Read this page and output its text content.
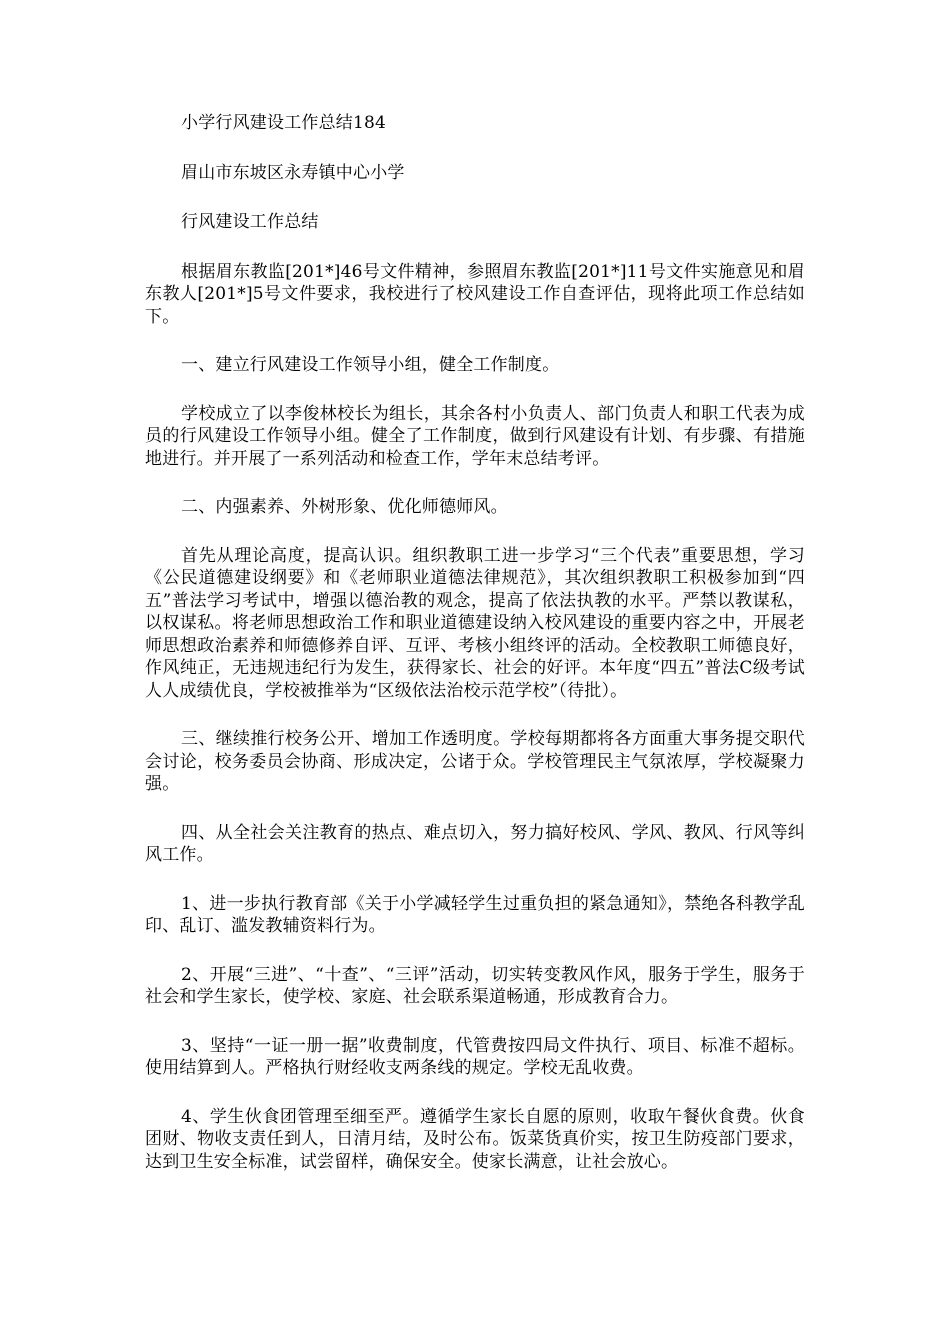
小学行风建设工作总结184

眉山市东坡区永寿镇中心小学

行风建设工作总结

根据眉东教监[201*]46号文件精神，参照眉东教监[201*]11号文件实施意见和眉东教人[201*]5号文件要求，我校进行了校风建设工作自查评估，现将此项工作总结如下。

一、建立行风建设工作领导小组，健全工作制度。

学校成立了以李俊林校长为组长，其余各村小负责人、部门负责人和职工代表为成员的行风建设工作领导小组。健全了工作制度，做到行风建设有计划、有步骤、有措施地进行。并开展了一系列活动和检查工作，学年末总结考评。

二、内强素养、外树形象、优化师德师风。

首先从理论高度，提高认识。组织教职工进一步学习“三个代表”重要思想，学习《公民道德建设纲要》和《老师职业道德法律规范》，其次组织教职工积极参加到“四五”普法学习考试中，增强以德治教的观念，提高了依法执教的水平。严禁以教谋私，以权谋私。将老师思想政治工作和职业道德建设纳入校风建设的重要内容之中，开展老师思想政治素养和师德修养自评、互评、考核小组终评的活动。全校教职工师德良好，作风纯正，无违规违纪行为发生，获得家长、社会的好评。本年度“四五”普法C级考试人人成绩优良，学校被推举为“区级依法治校示范学校”（待批）。

三、继续推行校务公开、增加工作透明度。学校每期都将各方面重大事务提交职代会讨论，校务委员会协商、形成决定，公诸于众。学校管理民主气氛浓厚，学校凝聚力强。

四、从全社会关注教育的热点、难点切入，努力搞好校风、学风、教风、行风等纠风工作。

1、进一步执行教育部《关于小学减轻学生过重负担的紧急通知》，禁绝各科教学乱印、乱订、滥发教辅资料行为。

2、开展“三进”、“十查”、“三评”活动，切实转变教风作风，服务于学生，服务于社会和学生家长，使学校、家庭、社会联系渠道畅通，形成教育合力。

3、坚持“一证一册一据”收费制度，代管费按四局文件执行、项目、标准不超标。使用结算到人。严格执行财经收支两条线的规定。学校无乱收费。

4、学生伙食团管理至细至严。遵循学生家长自愿的原则，收取午餐伙食费。伙食团财、物收支责任到人，日清月结，及时公布。饭菜货真价实，按卫生防疫部门要求，达到卫生安全标准，试尝留样，确保安全。使家长满意，让社会放心。
